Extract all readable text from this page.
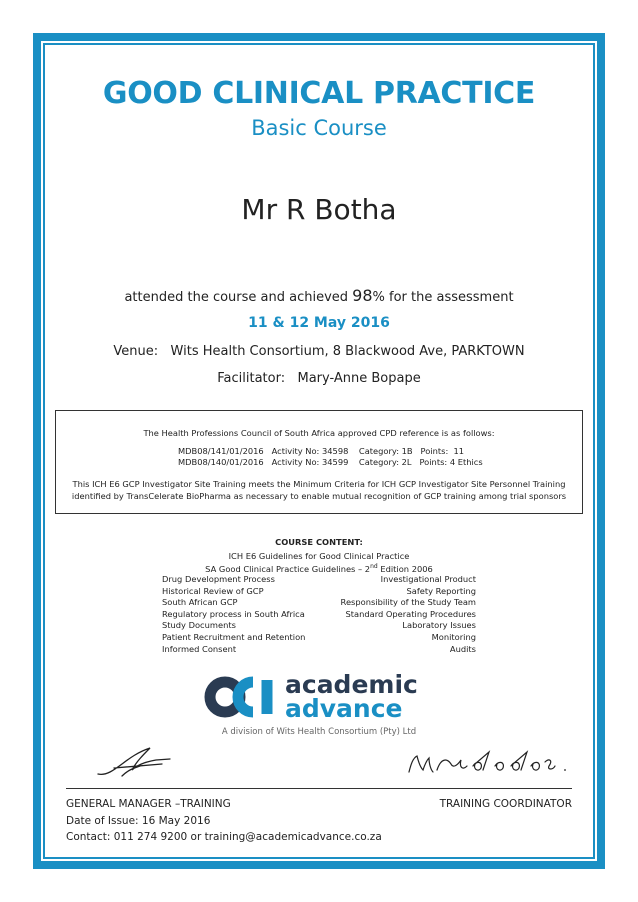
GOOD CLINICAL PRACTICE
Basic Course
Mr R Botha
attended the course and achieved 98% for the assessment
11 & 12 May 2016
Venue:   Wits Health Consortium, 8 Blackwood Ave, PARKTOWN
Facilitator:   Mary-Anne Bopape
The Health Professions Council of South Africa approved CPD reference is as follows:
MDB08/141/01/2016   Activity No: 34598    Category: 1B   Points:  11
MDB08/140/01/2016   Activity No: 34599    Category: 2L   Points: 4 Ethics
This ICH E6 GCP Investigator Site Training meets the Minimum Criteria for ICH GCP Investigator Site Personnel Training
identified by TransCelerate BioPharma as necessary to enable mutual recognition of GCP training among trial sponsors
COURSE CONTENT:
ICH E6 Guidelines for Good Clinical Practice
SA Good Clinical Practice Guidelines – 2nd Edition 2006
Drug Development Process
Historical Review of GCP
South African GCP
Regulatory process in South Africa
Study Documents
Patient Recruitment and Retention
Informed Consent
Investigational Product
Safety Reporting
Responsibility of the Study Team
Standard Operating Procedures
Laboratory Issues
Monitoring
Audits
academic
advance
A division of Wits Health Consortium (Pty) Ltd
GENERAL MANAGER –TRAINING	TRAINING COORDINATOR
Date of Issue: 16 May 2016
Contact: 011 274 9200 or training@academicadvance.co.za
